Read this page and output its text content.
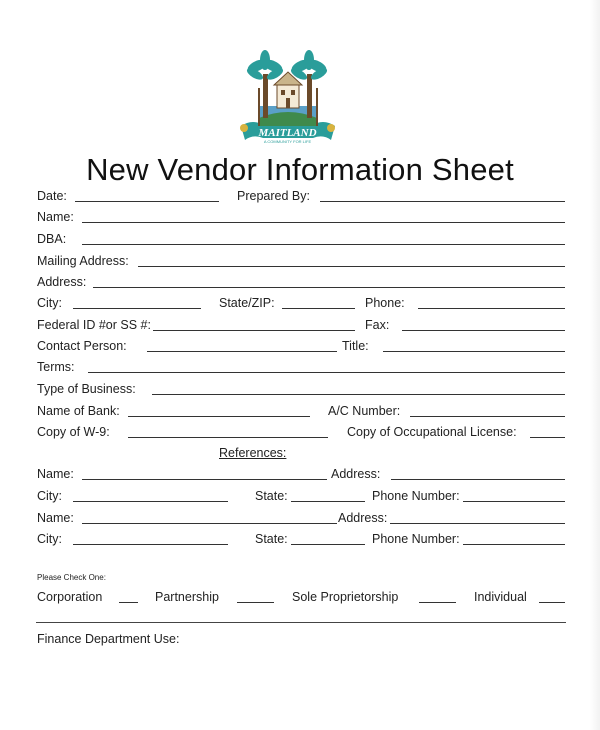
MAITLAND
A COMMUNITY FOR LIFE
New Vendor Information Sheet
Date:	Prepared By:
Name:
DBA:
Mailing Address:
Address:
City:	State/ZIP:	Phone:
Federal ID #or SS #:	Fax:
Contact Person:	Title:
Terms:
Type of Business:
Name of Bank:	A/C Number:
Copy of W-9:	Copy of Occupational License:
References:
Name:	Address:
City:	State:	Phone Number:
Name:	Address:
City:	State:	Phone Number:
Please Check One:
Corporation	Partnership	Sole Proprietorship	Individual
Finance Department Use:
